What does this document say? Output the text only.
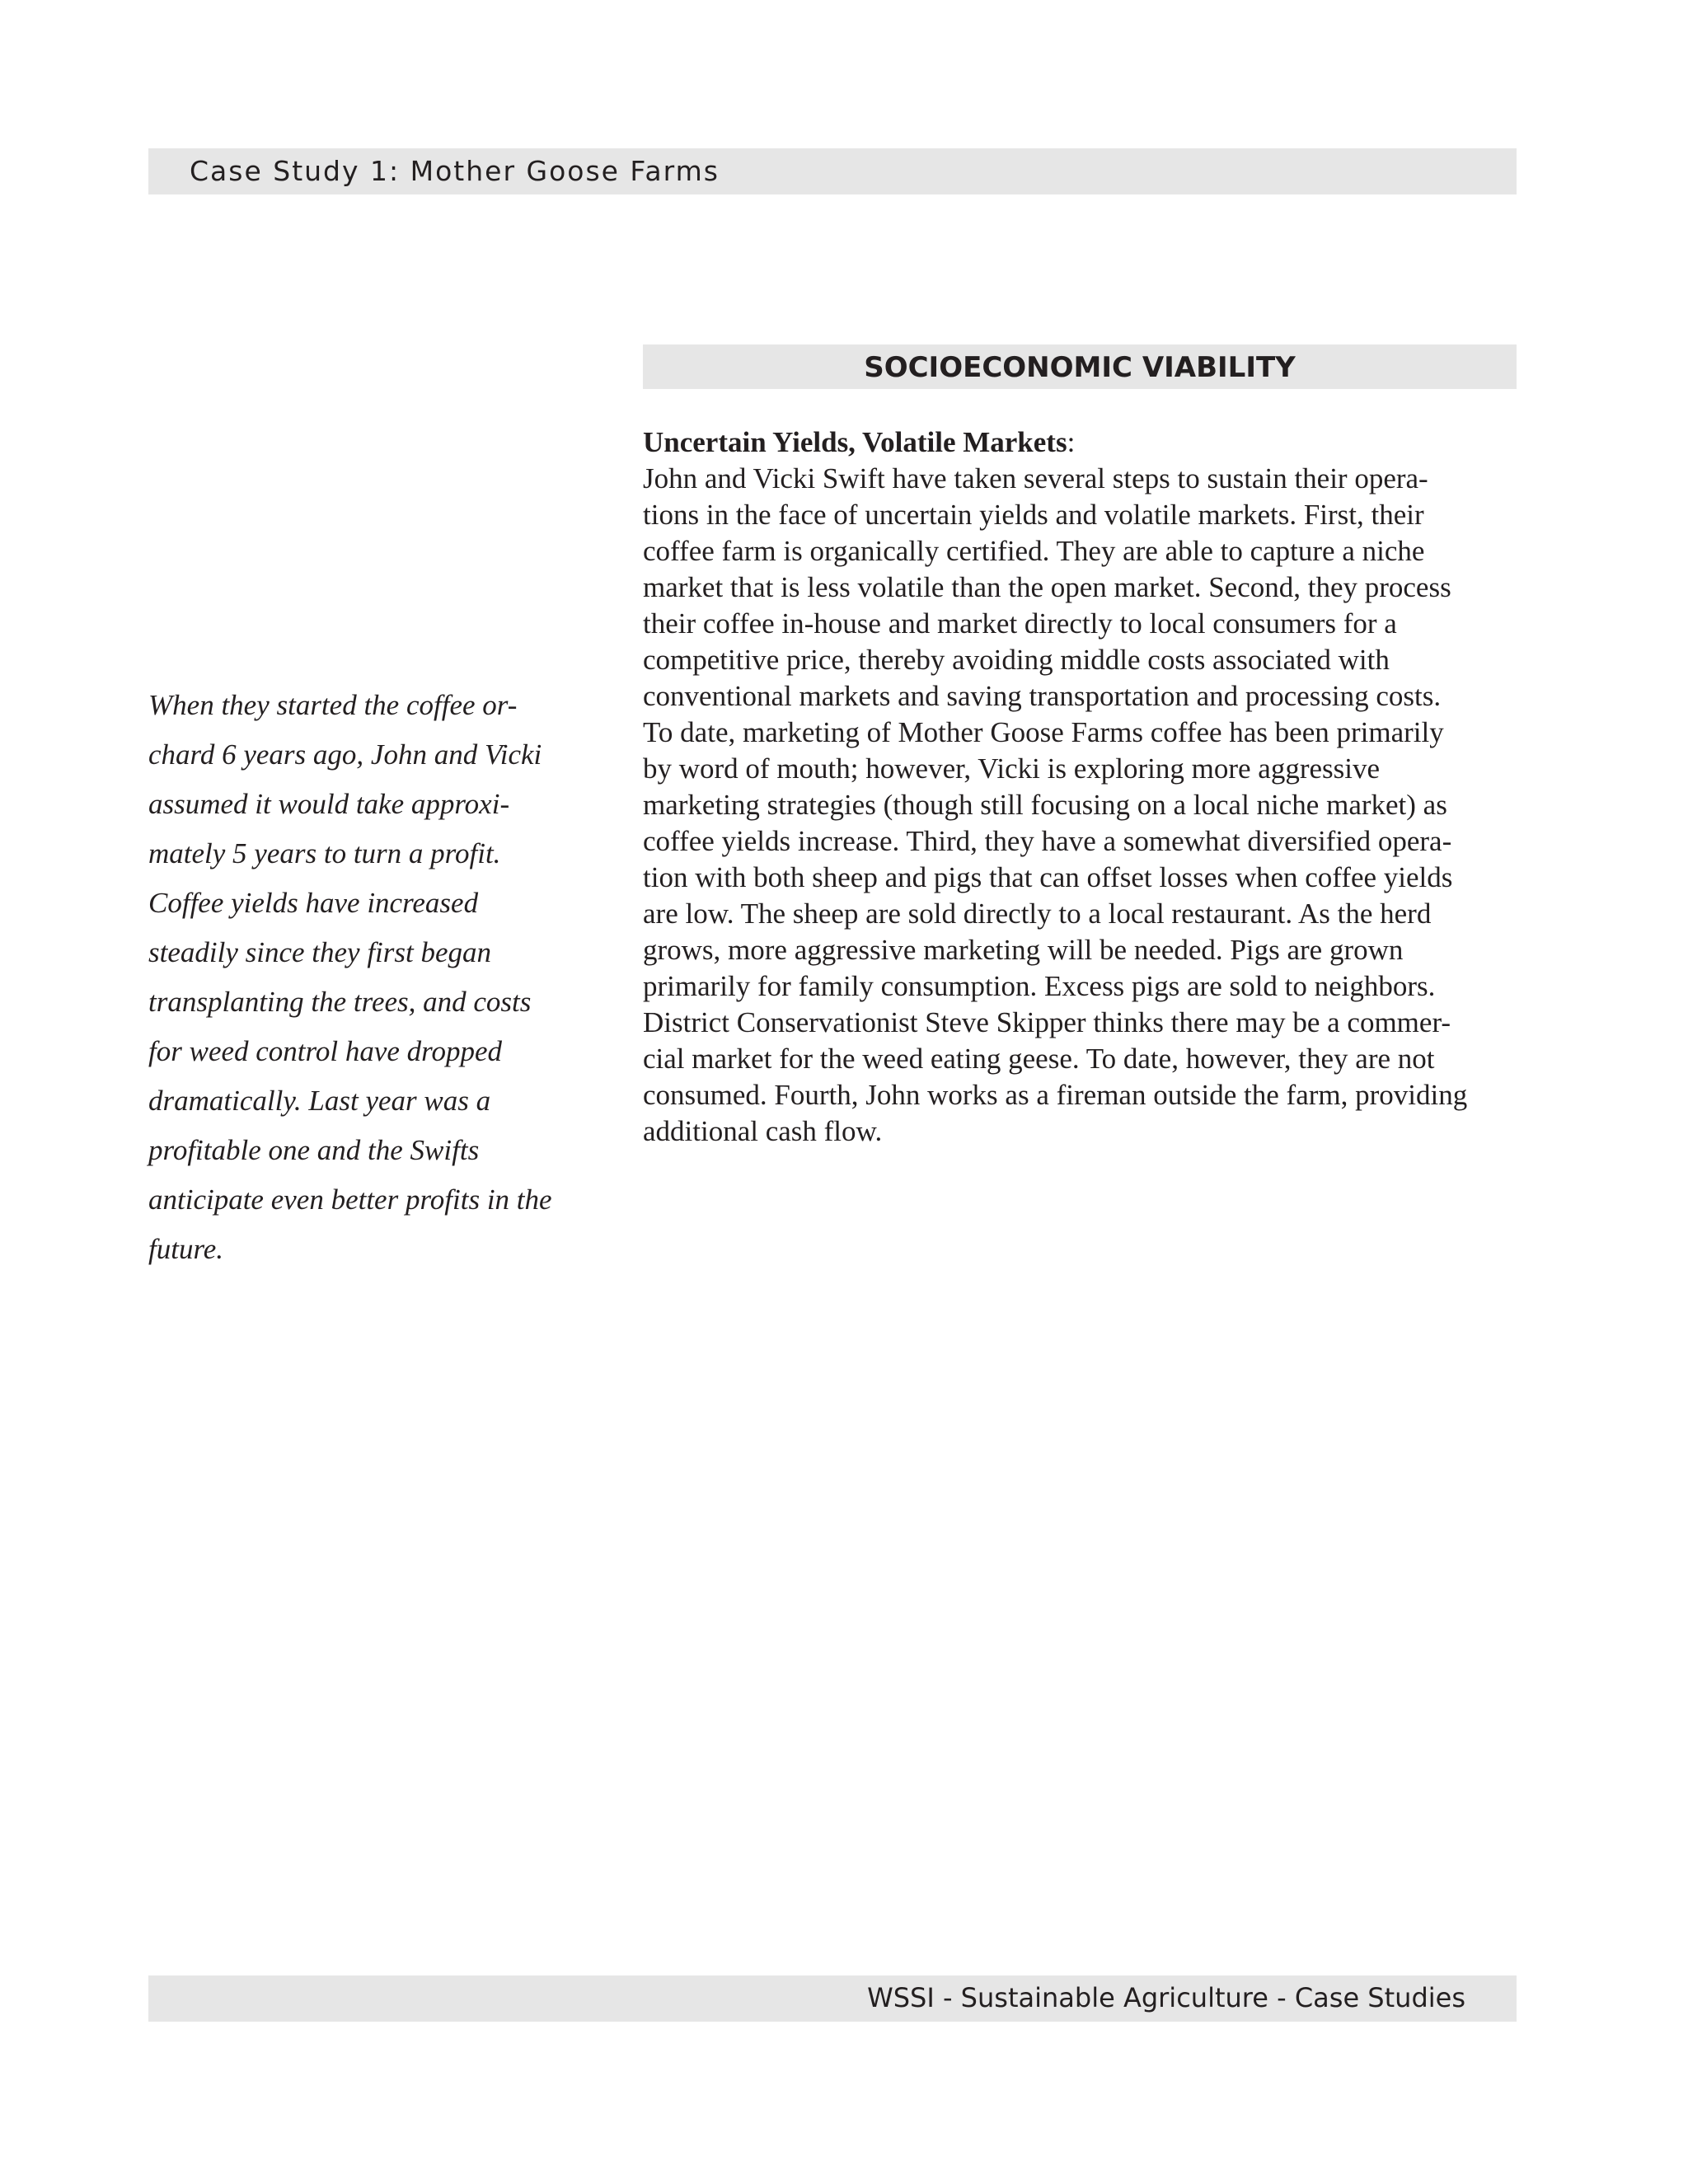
Case Study 1: Mother Goose Farms
SOCIOECONOMIC VIABILITY
Uncertain Yields, Volatile Markets:
John and Vicki Swift have taken several steps to sustain their opera-
tions in the face of uncertain yields and volatile markets. First, their
coffee farm is organically certified. They are able to capture a niche
market that is less volatile than the open market. Second, they process
their coffee in-house and market directly to local consumers for a
competitive price, thereby avoiding middle costs associated with
conventional markets and saving transportation and processing costs.
To date, marketing of Mother Goose Farms coffee has been primarily
by word of mouth; however, Vicki is exploring more aggressive
marketing strategies (though still focusing on a local niche market) as
coffee yields increase. Third, they have a somewhat diversified opera-
tion with both sheep and pigs that can offset losses when coffee yields
are low. The sheep are sold directly to a local restaurant. As the herd
grows, more aggressive marketing will be needed. Pigs are grown
primarily for family consumption. Excess pigs are sold to neighbors.
District Conservationist Steve Skipper thinks there may be a commer-
cial market for the weed eating geese. To date, however, they are not
consumed. Fourth, John works as a fireman outside the farm, providing
additional cash flow.
When they started the coffee or-
chard 6 years ago, John and Vicki
assumed it would take approxi-
mately 5 years to turn a profit.
Coffee yields have increased
steadily since they first began
transplanting the trees, and costs
for weed control have dropped
dramatically. Last year was a
profitable one and the Swifts
anticipate even better profits in the
future.
WSSI - Sustainable Agriculture - Case Studies
